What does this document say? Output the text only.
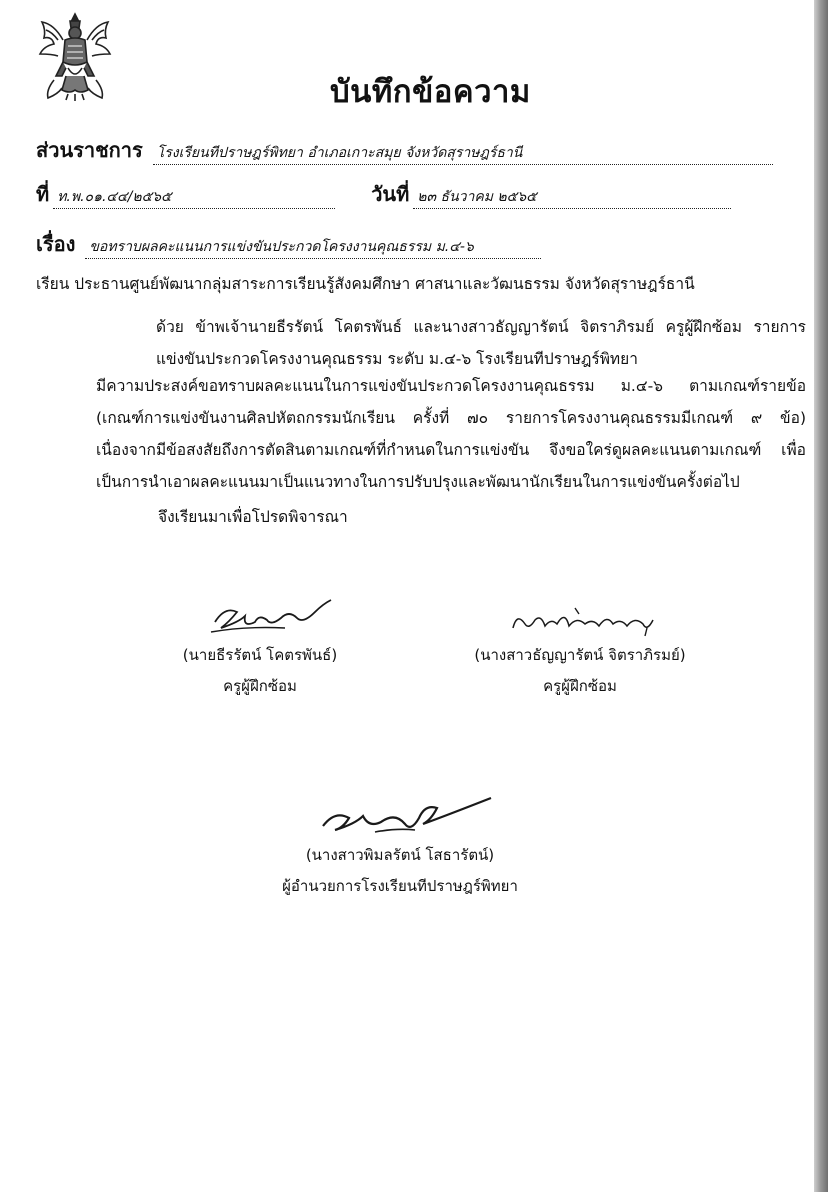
บันทึกข้อความ
ส่วนราชการ โรงเรียนทีปราษฎร์พิทยา อำเภอเกาะสมุย จังหวัดสุราษฎร์ธานี
ที่ ท.พ.๐๑.๔๔/๒๕๖๕	วันที่ ๒๓ ธันวาคม ๒๕๖๕
เรื่อง ขอทราบผลคะแนนการแข่งขันประกวดโครงงานคุณธรรม ม.๔-๖
เรียน ประธานศูนย์พัฒนากลุ่มสาระการเรียนรู้สังคมศึกษา ศาสนาและวัฒนธรรม จังหวัดสุราษฎร์ธานี
ด้วย ข้าพเจ้านายธีรรัตน์ โคตรพันธ์ และนางสาวธัญญารัตน์ จิตราภิรมย์ ครูผู้ฝึกซ้อม รายการแข่งขันประกวดโครงงานคุณธรรม ระดับ ม.๔-๖ โรงเรียนทีปราษฎร์พิทยา
มีความประสงค์ขอทราบผลคะแนนในการแข่งขันประกวดโครงงานคุณธรรม ม.๔-๖ ตามเกณฑ์รายข้อ (เกณฑ์การแข่งขันงานศิลปหัตถกรรมนักเรียน ครั้งที่ ๗๐ รายการโครงงานคุณธรรมมีเกณฑ์ ๙ ข้อ) เนื่องจากมีข้อสงสัยถึงการตัดสินตามเกณฑ์ที่กำหนดในการแข่งขัน จึงขอใคร่ดูผลคะแนนตามเกณฑ์ เพื่อเป็นการนำเอาผลคะแนนมาเป็นแนวทางในการปรับปรุงและพัฒนานักเรียนในการแข่งขันครั้งต่อไป
จึงเรียนมาเพื่อโปรดพิจารณา
(นายธีรรัตน์ โคตรพันธ์)
ครูผู้ฝึกซ้อม
(นางสาวธัญญารัตน์ จิตราภิรมย์)
ครูผู้ฝึกซ้อม
(นางสาวพิมลรัตน์ โสธารัตน์)
ผู้อำนวยการโรงเรียนทีปราษฎร์พิทยา
